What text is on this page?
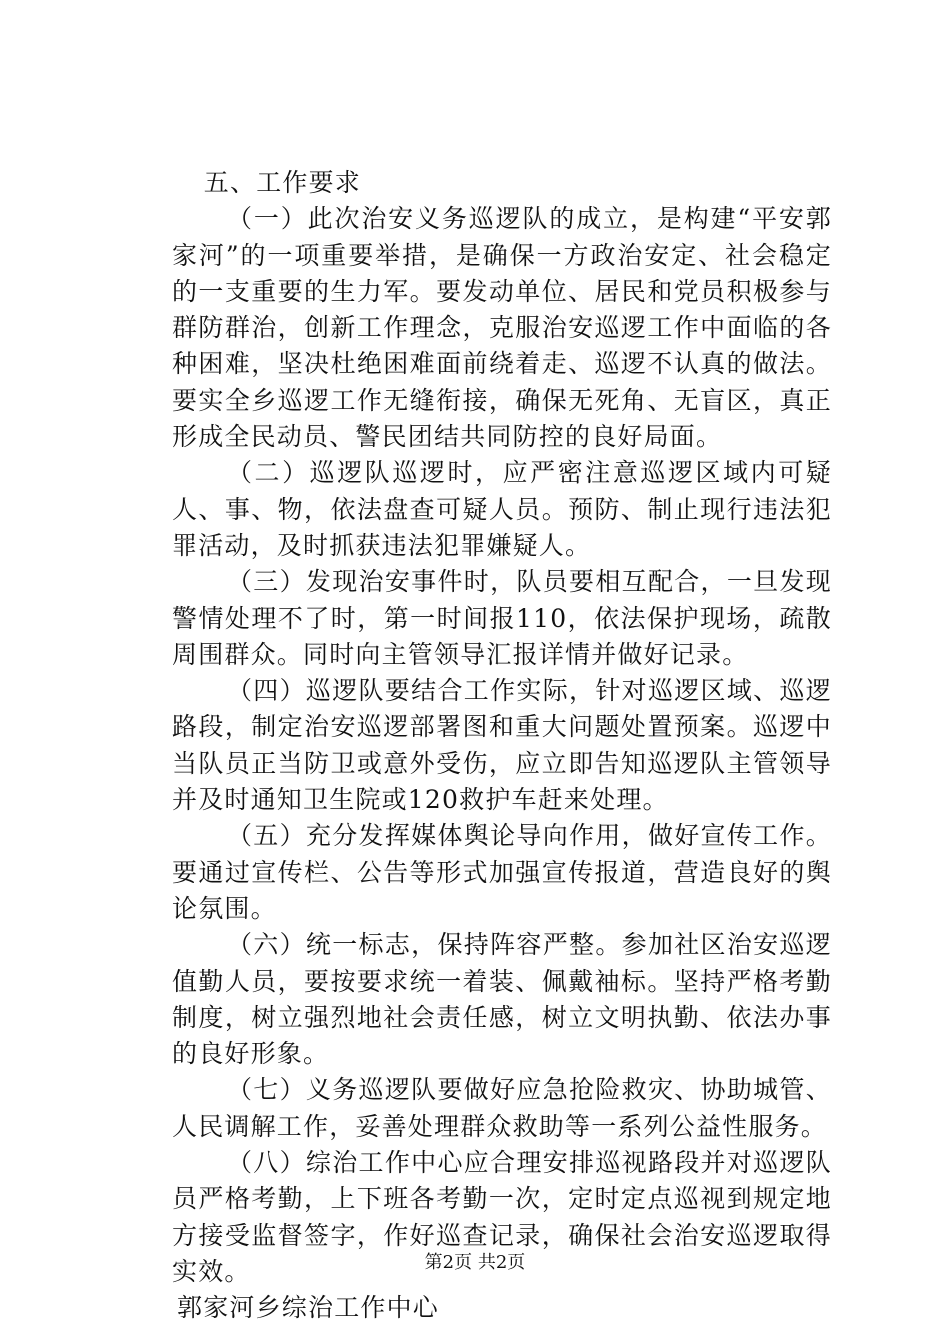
五、工作要求

（一）此次治安义务巡逻队的成立，是构建“平安郭家河”的一项重要举措，是确保一方政治安定、社会稳定的一支重要的生力军。要发动单位、居民和党员积极参与群防群治，创新工作理念，克服治安巡逻工作中面临的各种困难，坚决杜绝困难面前绕着走、巡逻不认真的做法。要实全乡巡逻工作无缝衔接，确保无死角、无盲区，真正形成全民动员、警民团结共同防控的良好局面。

（二）巡逻队巡逻时，应严密注意巡逻区域内可疑人、事、物，依法盘查可疑人员。预防、制止现行违法犯罪活动，及时抓获违法犯罪嫌疑人。

（三）发现治安事件时，队员要相互配合，一旦发现警情处理不了时，第一时间报110，依法保护现场，疏散周围群众。同时向主管领导汇报详情并做好记录。

（四）巡逻队要结合工作实际，针对巡逻区域、巡逻路段，制定治安巡逻部署图和重大问题处置预案。巡逻中当队员正当防卫或意外受伤，应立即告知巡逻队主管领导并及时通知卫生院或120救护车赶来处理。

（五）充分发挥媒体舆论导向作用，做好宣传工作。要通过宣传栏、公告等形式加强宣传报道，营造良好的舆论氛围。

（六）统一标志，保持阵容严整。参加社区治安巡逻值勤人员，要按要求统一着装、佩戴袖标。坚持严格考勤制度，树立强烈地社会责任感，树立文明执勤、依法办事的良好形象。

（七）义务巡逻队要做好应急抢险救灾、协助城管、人民调解工作，妥善处理群众救助等一系列公益性服务。

（八）综治工作中心应合理安排巡视路段并对巡逻队员严格考勤，上下班各考勤一次，定时定点巡视到规定地方接受监督签字，作好巡查记录，确保社会治安巡逻取得实效。

郭家河乡综治工作中心

第2页 共2页
